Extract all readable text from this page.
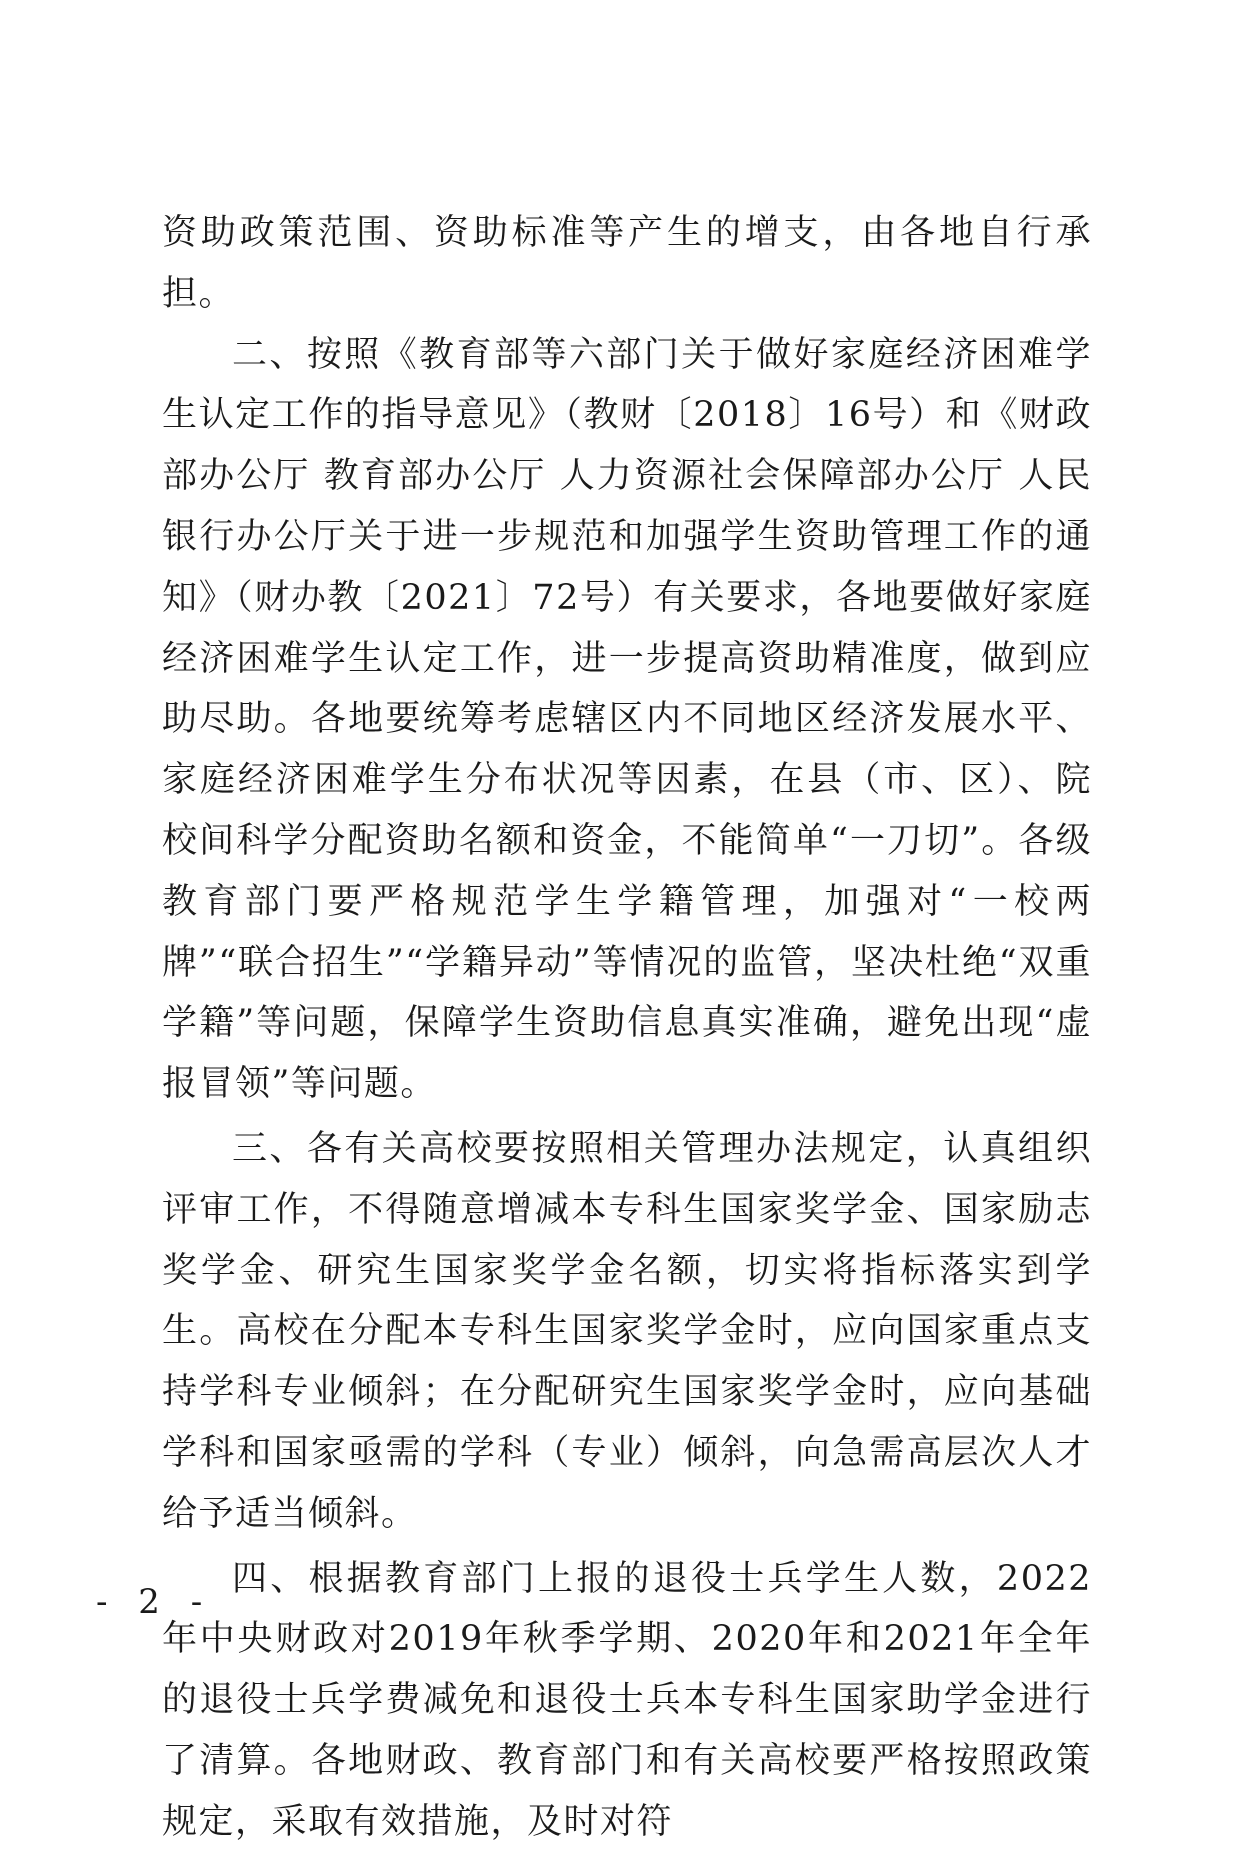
资助政策范围、资助标准等产生的增支，由各地自行承担。

二、按照《教育部等六部门关于做好家庭经济困难学生认定工作的指导意见》（教财〔2018〕16号）和《财政部办公厅 教育部办公厅 人力资源社会保障部办公厅 人民银行办公厅关于进一步规范和加强学生资助管理工作的通知》（财办教〔2021〕72号）有关要求，各地要做好家庭经济困难学生认定工作，进一步提高资助精准度，做到应助尽助。各地要统筹考虑辖区内不同地区经济发展水平、家庭经济困难学生分布状况等因素，在县（市、区）、院校间科学分配资助名额和资金，不能简单“一刀切”。各级教育部门要严格规范学生学籍管理，加强对“一校两牌”“联合招生”“学籍异动”等情况的监管，坚决杜绝“双重学籍”等问题，保障学生资助信息真实准确，避免出现“虚报冒领”等问题。

三、各有关高校要按照相关管理办法规定，认真组织评审工作，不得随意增减本专科生国家奖学金、国家励志奖学金、研究生国家奖学金名额，切实将指标落实到学生。高校在分配本专科生国家奖学金时，应向国家重点支持学科专业倾斜；在分配研究生国家奖学金时，应向基础学科和国家亟需的学科（专业）倾斜，向急需高层次人才给予适当倾斜。

四、根据教育部门上报的退役士兵学生人数，2022年中央财政对2019年秋季学期、2020年和2021年全年的退役士兵学费减免和退役士兵本专科生国家助学金进行了清算。各地财政、教育部门和有关高校要严格按照政策规定，采取有效措施，及时对符

- 2 -
